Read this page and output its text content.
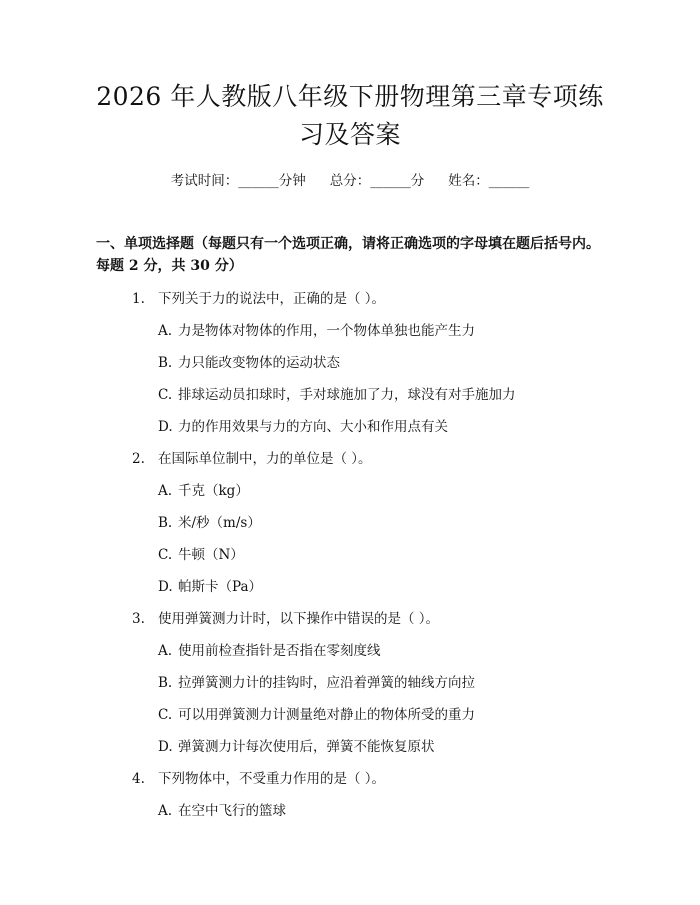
2026 年人教版八年级下册物理第三章专项练
习及答案
考试时间：______分钟 总分：______分 姓名：______
一、单项选择题（每题只有一个选项正确，请将正确选项的字母填在题后括号内。每题 2 分，共 30 分）
1. 下列关于力的说法中，正确的是（ ）。
A. 力是物体对物体的作用，一个物体单独也能产生力
B. 力只能改变物体的运动状态
C. 排球运动员扣球时，手对球施加了力，球没有对手施加力
D. 力的作用效果与力的方向、大小和作用点有关
2. 在国际单位制中，力的单位是（ ）。
A. 千克（kg）
B. 米/秒（m/s）
C. 牛顿（N）
D. 帕斯卡（Pa）
3. 使用弹簧测力计时，以下操作中错误的是（ ）。
A. 使用前检查指针是否指在零刻度线
B. 拉弹簧测力计的挂钩时，应沿着弹簧的轴线方向拉
C. 可以用弹簧测力计测量绝对静止的物体所受的重力
D. 弹簧测力计每次使用后，弹簧不能恢复原状
4. 下列物体中，不受重力作用的是（ ）。
A. 在空中飞行的篮球
